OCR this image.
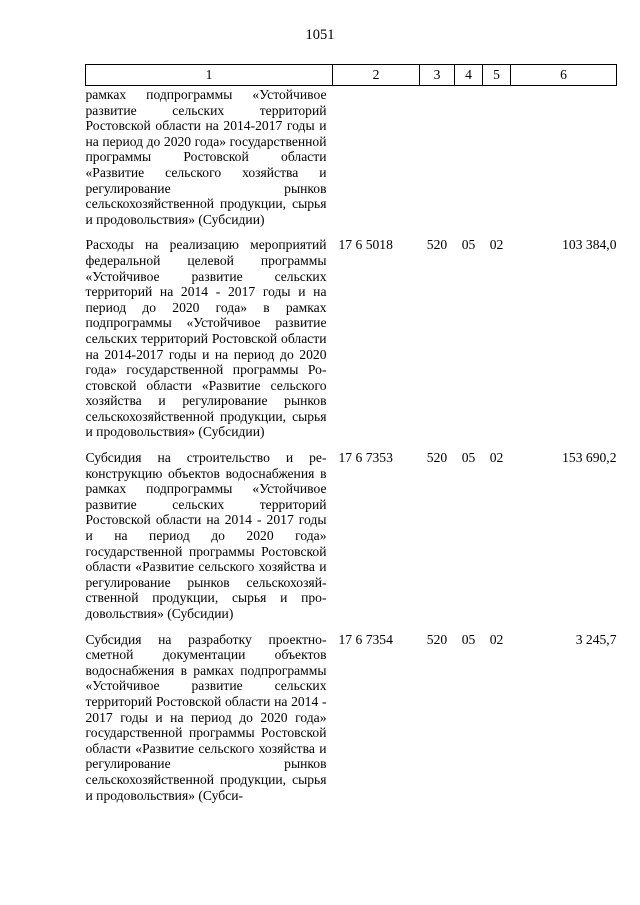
1051
1	2	3	4	5	6
рамках подпрограммы «Устойчивое развитие сельских территорий Ростовской области на 2014-2017 годы и на период до 2020 года» государственной программы Ростовской области «Развитие сельского хозяйства и регулирование рынков сельскохозяйственной продукции, сырья и продовольствия» (Субсидии)					
Расходы на реализацию мероприятий федеральной целевой программы «Устойчивое развитие сельских территорий на 2014 - 2017 годы и на период до 2020 года» в рамках подпрограммы «Устойчивое развитие сельских территорий Ростовской области на 2014-2017 годы и на период до 2020 года» государственной программы Ростовской области «Развитие сельского хозяйства и регулирование рынков сельскохозяйственной продукции, сырья и продовольствия» (Субсидии)	17 6 5018	520	05	02	103 384,0
Субсидия на строительство и реконструкцию объектов водоснабжения в рамках подпрограммы «Устойчивое развитие сельских территорий Ростовской области на 2014 - 2017 годы и на период до 2020 года» государственной программы Ростовской области «Развитие сельского хозяйства и регулирование рынков сельскохозяйственной продукции, сырья и продовольствия» (Субсидии)	17 6 7353	520	05	02	153 690,2
Субсидия на разработку проектно-сметной документации объектов водоснабжения в рамках подпрограммы «Устойчивое развитие сельских территорий Ростовской области на 2014 - 2017 годы и на период до 2020 года» государственной программы Ростовской области «Развитие сельского хозяйства и регулирование рынков сельскохозяйственной продукции, сырья и продовольствия» (Субси-	17 6 7354	520	05	02	3 245,7
